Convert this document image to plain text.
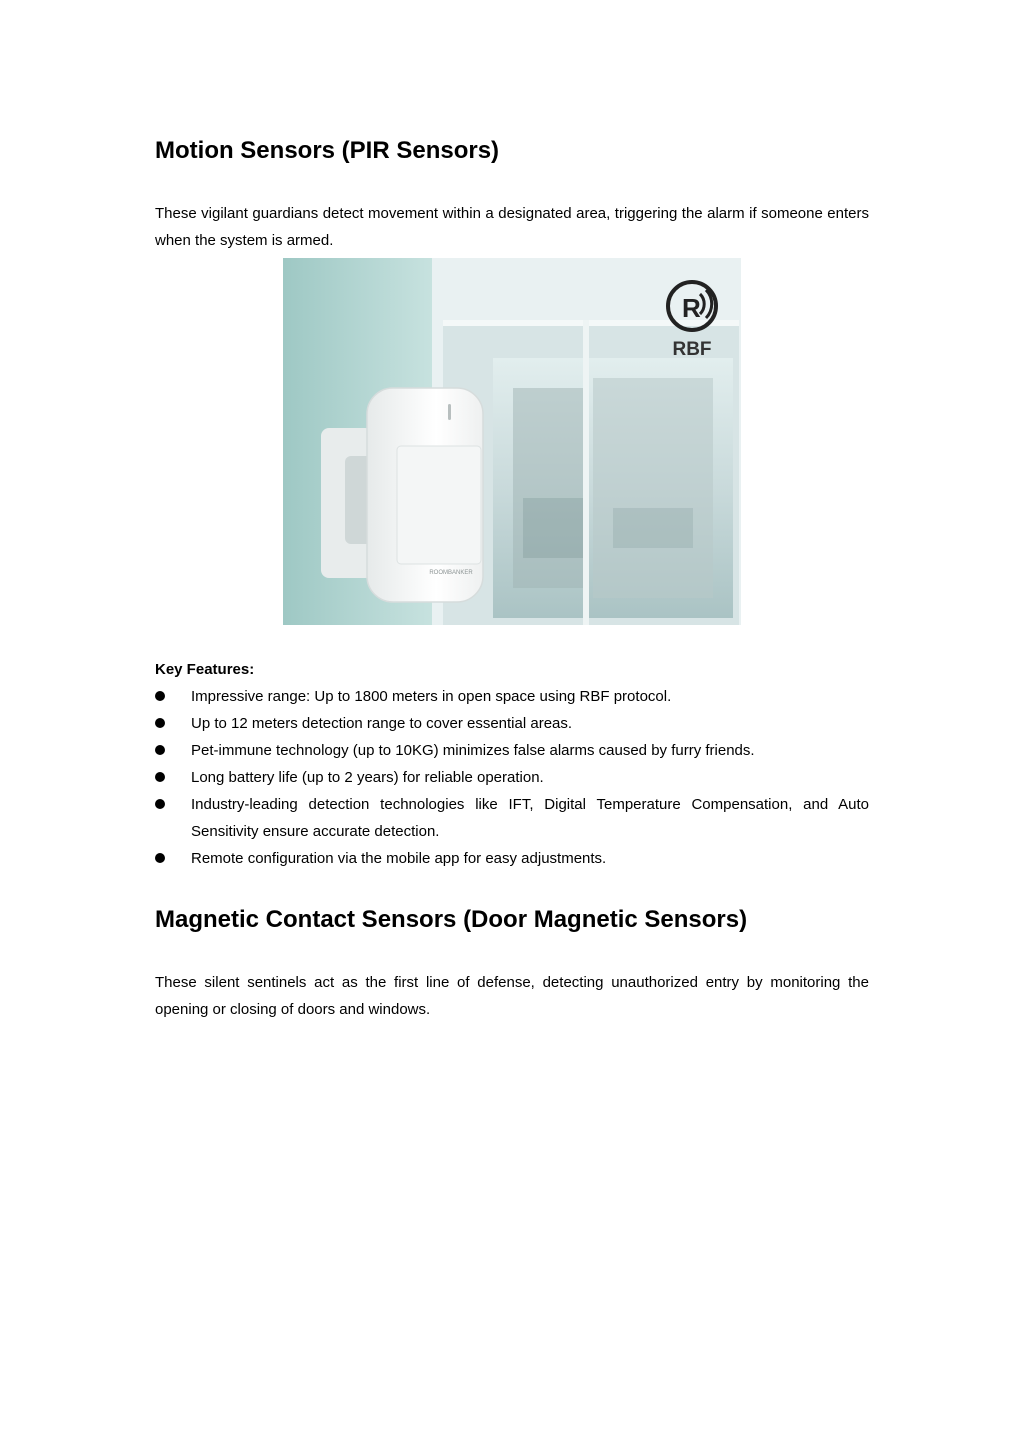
Motion Sensors (PIR Sensors)

These vigilant guardians detect movement within a designated area, triggering the alarm if someone enters when the system is armed.

ROOMBANKER
R
RBF
Key Features:
Impressive range: Up to 1800 meters in open space using RBF protocol.
Up to 12 meters detection range to cover essential areas.
Pet-immune technology (up to 10KG) minimizes false alarms caused by furry friends.
Long battery life (up to 2 years) for reliable operation.
Industry-leading detection technologies like IFT, Digital Temperature Compensation, and Auto Sensitivity ensure accurate detection.
Remote configuration via the mobile app for easy adjustments.
Magnetic Contact Sensors (Door Magnetic Sensors)

These silent sentinels act as the first line of defense, detecting unauthorized entry by monitoring the opening or closing of doors and windows.
